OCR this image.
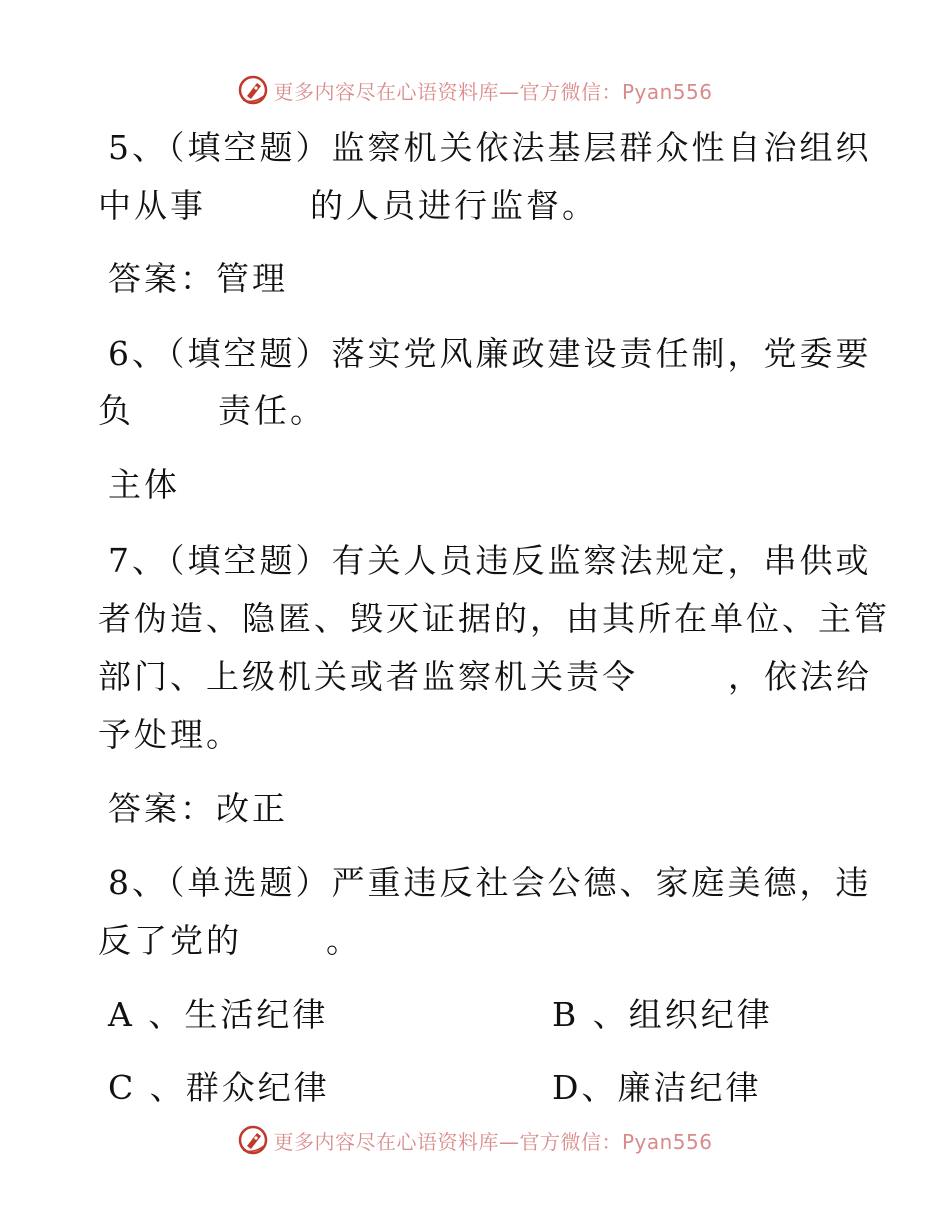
更多内容尽在心语资料库—官方微信：Pyan556
5、（填空题）监察机关依法基层群众性自治组织
中从事	的人员进行监督。
答案：管理
6、（填空题）落实党风廉政建设责任制，党委要
负	责任。
主体
7、（填空题）有关人员违反监察法规定，串供或
者伪造、隐匿、毁灭证据的，由其所在单位、主管
部门、上级机关或者监察机关责令	，依法给
予处理。
答案：改正
8、（单选题）严重违反社会公德、家庭美德，违
反了党的	。
A 、生活纪律	B 、组织纪律
C 、群众纪律	D、廉洁纪律
更多内容尽在心语资料库—官方微信：Pyan556
